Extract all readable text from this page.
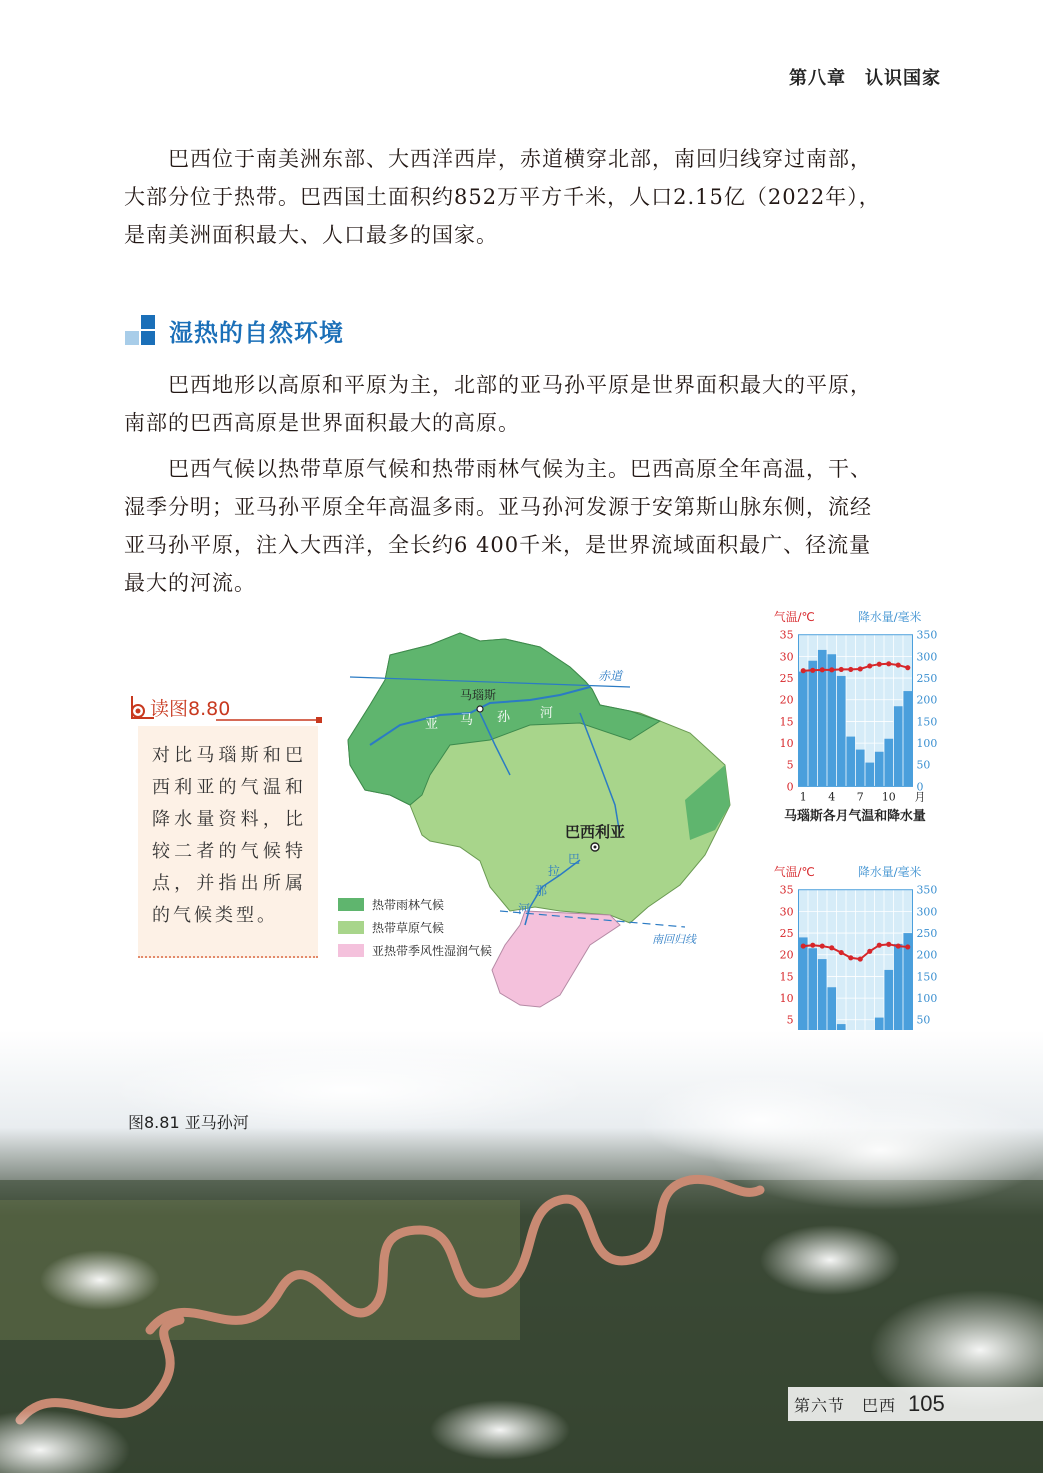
第八章　认识国家
巴西位于南美洲东部、大西洋西岸，赤道横穿北部，南回归线穿过南部，
大部分位于热带。巴西国土面积约852万平方千米，人口2.15亿（2022年），
是南美洲面积最大、人口最多的国家。
湿热的自然环境
巴西地形以高原和平原为主，北部的亚马孙平原是世界面积最大的平原，
南部的巴西高原是世界面积最大的高原。
巴西气候以热带草原气候和热带雨林气候为主。巴西高原全年高温，干、
湿季分明；亚马孙平原全年高温多雨。亚马孙河发源于安第斯山脉东侧，流经
亚马孙平原，注入大西洋，全长约6 400千米，是世界流域面积最广、径流量
最大的河流。
读图8.80

对比马瑙斯和巴西利亚的气温和降水量资料，比较二者的气候特点，并指出所属的气候类型。

赤道
南回归线
亚 马 孙 河
拉
巴
那
河
马瑙斯
巴西利亚
热带雨林气候
热带草原气候
亚热带季风性湿润气候
0
5
10
15
20
25
30
35
0
50
100
150
200
250
300
350
1 4 7 10 月
气温/℃	降水量/毫米
马瑙斯各月气温和降水量
5
10
15
20
25
30
35
50
100
150
200
250
300
350
气温/℃	降水量/毫米
图8.81 亚马孙河
第六节　巴西 105
